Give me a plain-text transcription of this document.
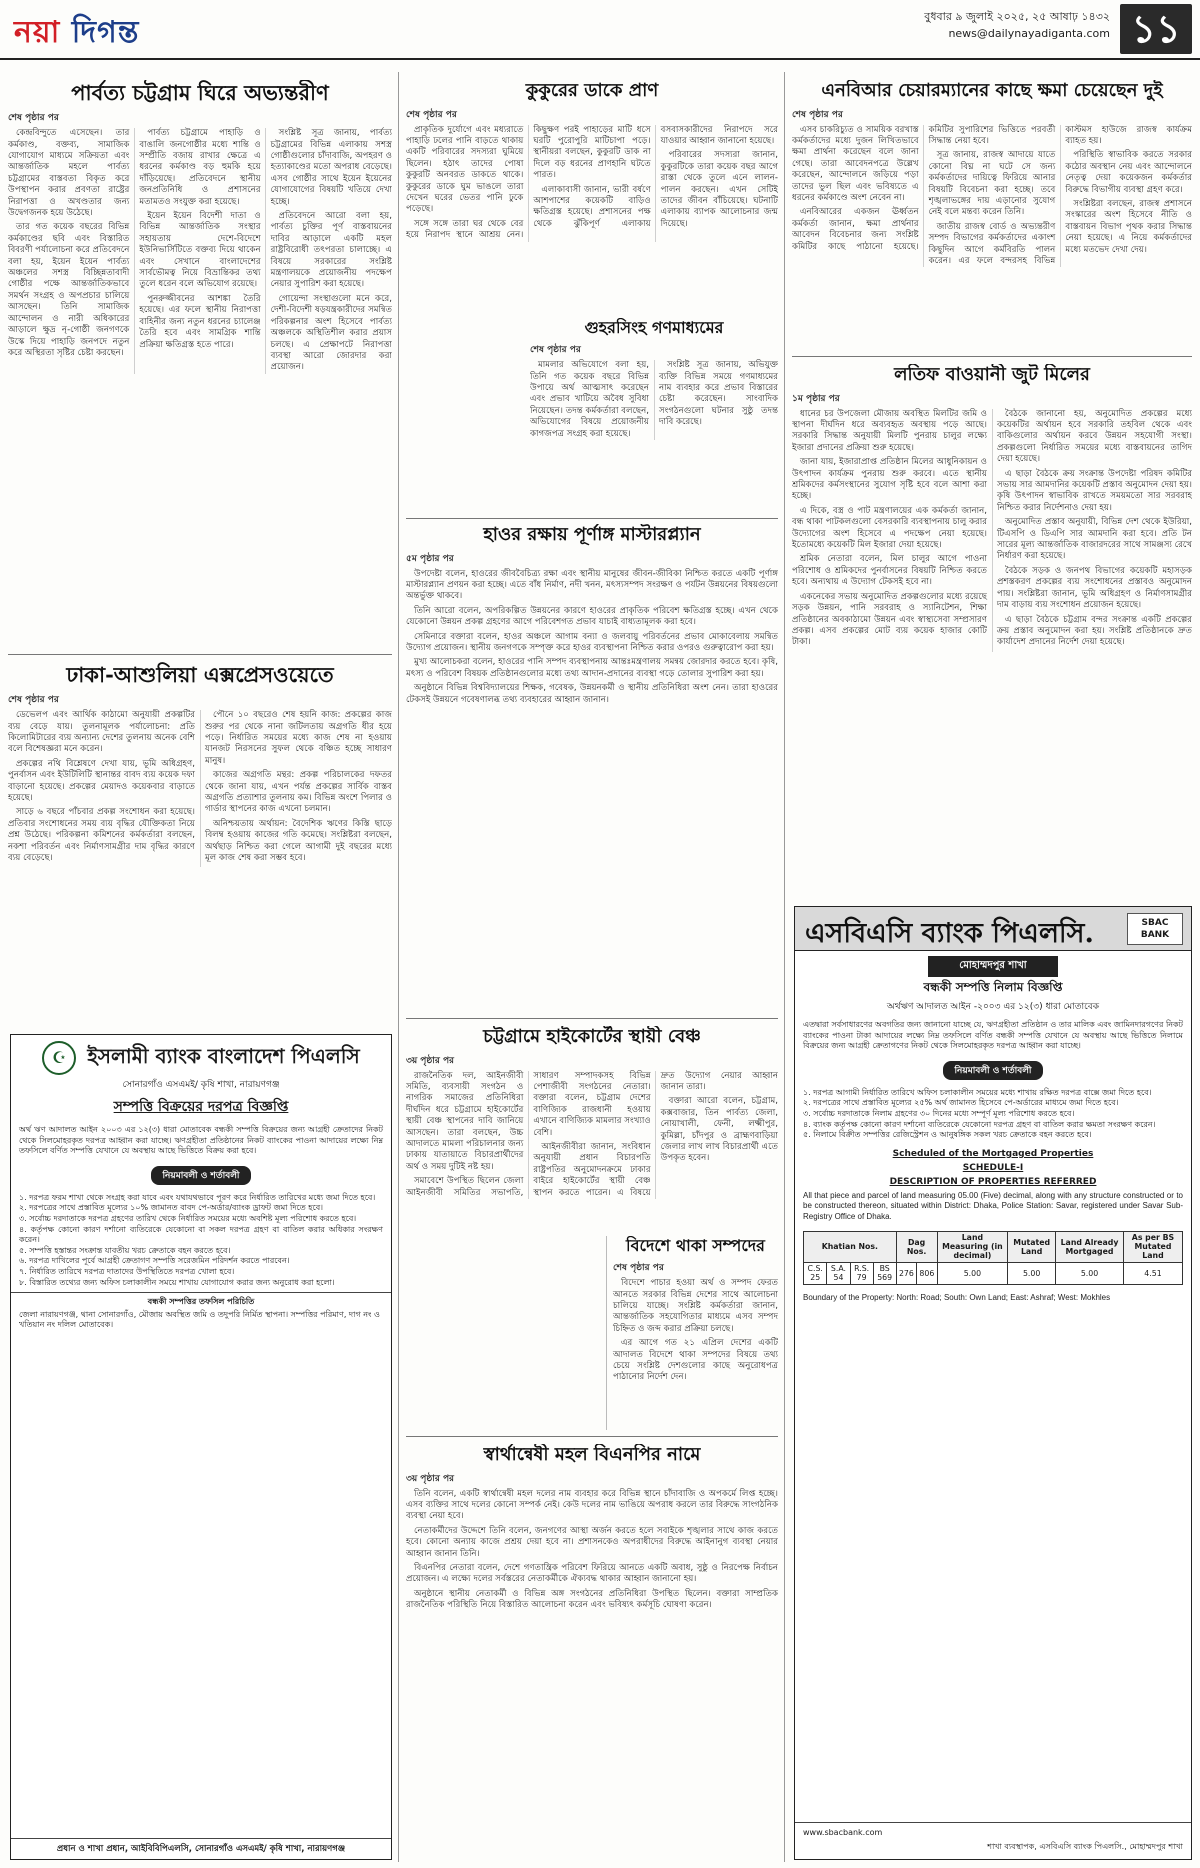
নয়া দিগন্ত	বুধবার ৯ জুলাই ২০২৫, ২৫ আষাঢ় ১৪৩২
news@dailynayadiganta.com ১১
পার্বত্য চট্টগ্রাম ঘিরে অভ্যন্তরীণ
শেষ পৃষ্ঠার পর

কেন্দ্রবিন্দুতে এসেছেন। তার কর্মকাণ্ড, বক্তব্য, সামাজিক যোগাযোগ মাধ্যমে সক্রিয়তা এবং আন্তর্জাতিক মহলে পার্বত্য চট্টগ্রামের বাস্তবতা বিকৃত করে উপস্থাপন করার প্রবণতা রাষ্ট্রের নিরাপত্তা ও অখণ্ডতার জন্য উদ্বেগজনক হয়ে উঠেছে।

তার গত কয়েক বছরের বিভিন্ন কর্মকাণ্ডের ছবি এবং বিস্তারিত বিবরণী পর্যালোচনা করে প্রতিবেদনে বলা হয়, ইয়েন ইয়েন পার্বত্য অঞ্চলের সশস্ত্র বিচ্ছিন্নতাবাদী গোষ্ঠীর পক্ষে আন্তর্জাতিকভাবে সমর্থন সংগ্রহ ও অপপ্রচার চালিয়ে আসছেন। তিনি সামাজিক আন্দোলন ও নারী অধিকারের আড়ালে ক্ষুদ্র নৃ-গোষ্ঠী জনগণকে উস্কে দিয়ে পাহাড়ি জনপদে নতুন করে অস্থিরতা সৃষ্টির চেষ্টা করছেন।

পার্বত্য চট্টগ্রামে পাহাড়ি ও বাঙালি জনগোষ্ঠীর মধ্যে শান্তি ও সম্প্রীতি বজায় রাখার ক্ষেত্রে এ ধরনের কর্মকাণ্ড বড় হুমকি হয়ে দাঁড়িয়েছে। প্রতিবেদনে স্থানীয় জনপ্রতিনিধি ও প্রশাসনের মতামতও সংযুক্ত করা হয়েছে।

ইয়েন ইয়েন বিদেশী দাতা ও বিভিন্ন আন্তর্জাতিক সংস্থার সহায়তায় দেশে-বিদেশে ইউনিভার্সিটিতে বক্তব্য দিয়ে থাকেন এবং সেখানে বাংলাদেশের সার্বভৌমত্ব নিয়ে বিভ্রান্তিকর তথ্য তুলে ধরেন বলে অভিযোগ রয়েছে।

পুনরুজ্জীবনের আশঙ্কা তৈরি হয়েছে। এর ফলে স্থানীয় নিরাপত্তা বাহিনীর জন্য নতুন ধরনের চ্যালেঞ্জ তৈরি হবে এবং সামগ্রিক শান্তি প্রক্রিয়া ক্ষতিগ্রস্ত হতে পারে।

সংশ্লিষ্ট সূত্র জানায়, পার্বত্য চট্টগ্রামের বিভিন্ন এলাকায় সশস্ত্র গোষ্ঠীগুলোর চাঁদাবাজি, অপহরণ ও হত্যাকাণ্ডের মতো অপরাধ বেড়েছে। এসব গোষ্ঠীর সাথে ইয়েন ইয়েনের যোগাযোগের বিষয়টি খতিয়ে দেখা হচ্ছে।

প্রতিবেদনে আরো বলা হয়, পার্বত্য চুক্তির পূর্ণ বাস্তবায়নের দাবির আড়ালে একটি মহল রাষ্ট্রবিরোধী তৎপরতা চালাচ্ছে। এ বিষয়ে সরকারের সংশ্লিষ্ট মন্ত্রণালয়কে প্রয়োজনীয় পদক্ষেপ নেয়ার সুপারিশ করা হয়েছে।

গোয়েন্দা সংস্থাগুলো মনে করে, দেশী-বিদেশী ষড়যন্ত্রকারীদের সমন্বিত পরিকল্পনার অংশ হিসেবে পার্বত্য অঞ্চলকে অস্থিতিশীল করার প্রয়াস চলছে। এ প্রেক্ষাপটে নিরাপত্তা ব্যবস্থা আরো জোরদার করা প্রয়োজন।

ঢাকা-আশুলিয়া এক্সপ্রেসওয়েতে
শেষ পৃষ্ঠার পর

ডেভেলপ এবং আর্থিক কাঠামো অনুযায়ী প্রকল্পটির ব্যয় বেড়ে যায়। তুলনামূলক পর্যালোচনা: প্রতি কিলোমিটারের ব্যয় অন্যান্য দেশের তুলনায় অনেক বেশি বলে বিশেষজ্ঞরা মনে করেন।

প্রকল্পের নথি বিশ্লেষণে দেখা যায়, ভূমি অধিগ্রহণ, পুনর্বাসন এবং ইউটিলিটি স্থানান্তর বাবদ ব্যয় কয়েক দফা বাড়ানো হয়েছে। প্রকল্পের মেয়াদও কয়েকবার বাড়াতে হয়েছে।

সাড়ে ৬ বছরে পাঁচবার প্রকল্প সংশোধন করা হয়েছে। প্রতিবার সংশোধনের সময় ব্যয় বৃদ্ধির যৌক্তিকতা নিয়ে প্রশ্ন উঠেছে। পরিকল্পনা কমিশনের কর্মকর্তারা বলছেন, নকশা পরিবর্তন এবং নির্মাণসামগ্রীর দাম বৃদ্ধির কারণে ব্যয় বেড়েছে।

পৌনে ১০ বছরেও শেষ হয়নি কাজ: প্রকল্পের কাজ শুরুর পর থেকে নানা জটিলতায় অগ্রগতি ধীর হয়ে পড়ে। নির্ধারিত সময়ের মধ্যে কাজ শেষ না হওয়ায় যানজট নিরসনের সুফল থেকে বঞ্চিত হচ্ছে সাধারণ মানুষ।

কাজের অগ্রগতি মন্থর: প্রকল্প পরিচালকের দফতর থেকে জানা যায়, এখন পর্যন্ত প্রকল্পের সার্বিক বাস্তব অগ্রগতি প্রত্যাশার তুলনায় কম। বিভিন্ন অংশে পিলার ও গার্ডার স্থাপনের কাজ এখনো চলমান।

অনিশ্চয়তায় অর্থায়ন: বৈদেশিক ঋণের কিস্তি ছাড়ে বিলম্ব হওয়ায় কাজের গতি কমেছে। সংশ্লিষ্টরা বলছেন, অর্থছাড় নিশ্চিত করা গেলে আগামী দুই বছরের মধ্যে মূল কাজ শেষ করা সম্ভব হবে।

☪ ইসলামী ব্যাংক বাংলাদেশ পিএলসি
সোনারগাঁও এসএমই/ কৃষি শাখা, নারায়ণগঞ্জ
সম্পত্তি বিক্রয়ের দরপত্র বিজ্ঞপ্তি
অর্থ ঋণ আদালত আইন ২০০৩ এর ১২(৩) ধারা মোতাবেক বন্ধকী সম্পত্তি বিক্রয়ের জন্য আগ্রহী ক্রেতাদের নিকট থেকে সিলমোহরকৃত দরপত্র আহ্বান করা যাচ্ছে। ঋণগ্রহীতা প্রতিষ্ঠানের নিকট ব্যাংকের পাওনা আদায়ের লক্ষ্যে নিম্ন তফসিলে বর্ণিত সম্পত্তি যেখানে যে অবস্থায় আছে ভিত্তিতে বিক্রয় করা হবে।
নিয়মাবলী ও শর্তাবলী
১. দরপত্র ফরম শাখা থেকে সংগ্রহ করা যাবে এবং যথাযথভাবে পূরণ করে নির্ধারিত তারিখের মধ্যে জমা দিতে হবে।
২. দরপত্রের সাথে প্রস্তাবিত মূল্যের ১০% জামানত বাবদ পে-অর্ডার/ব্যাংক ড্রাফট জমা দিতে হবে।
৩. সর্বোচ্চ দরদাতাকে দরপত্র গ্রহণের তারিখ থেকে নির্ধারিত সময়ের মধ্যে অবশিষ্ট মূল্য পরিশোধ করতে হবে।
৪. কর্তৃপক্ষ কোনো কারণ দর্শানো ব্যতিরেকে যেকোনো বা সকল দরপত্র গ্রহণ বা বাতিল করার অধিকার সংরক্ষণ করেন।
৫. সম্পত্তি হস্তান্তর সংক্রান্ত যাবতীয় খরচ ক্রেতাকে বহন করতে হবে।
৬. দরপত্র দাখিলের পূর্বে আগ্রহী ক্রেতাগণ সম্পত্তি সরেজমিন পরিদর্শন করতে পারবেন।
৭. নির্ধারিত তারিখে দরপত্র দাতাদের উপস্থিতিতে দরপত্র খোলা হবে।
৮. বিস্তারিত তথ্যের জন্য অফিস চলাকালীন সময়ে শাখায় যোগাযোগ করার জন্য অনুরোধ করা হলো।
বন্ধকী সম্পত্তির তফসিল পরিচিতি
জেলা নারায়ণগঞ্জ, থানা সোনারগাঁও, মৌজায় অবস্থিত জমি ও তদুপরি নির্মিত স্থাপনা। সম্পত্তির পরিমাণ, দাগ নং ও খতিয়ান নং দলিল মোতাবেক।
প্রধান ও শাখা প্রধান, আইবিবিপিএলসি, সোনারগাঁও এসএমই/ কৃষি শাখা, নারায়ণগঞ্জ
কুকুরের ডাকে প্রাণ
শেষ পৃষ্ঠার পর

প্রাকৃতিক দুর্যোগে এবং মধ্যরাতে পাহাড়ি ঢলের পানি বাড়তে থাকায় একটি পরিবারের সদস্যরা ঘুমিয়ে ছিলেন। হঠাৎ তাদের পোষা কুকুরটি অনবরত ডাকতে থাকে। কুকুরের ডাকে ঘুম ভাঙলে তারা দেখেন ঘরের ভেতর পানি ঢুকে পড়েছে।

সঙ্গে সঙ্গে তারা ঘর থেকে বের হয়ে নিরাপদ স্থানে আশ্রয় নেন। কিছুক্ষণ পরই পাহাড়ের মাটি ধসে ঘরটি পুরোপুরি মাটিচাপা পড়ে। স্থানীয়রা বলছেন, কুকুরটি ডাক না দিলে বড় ধরনের প্রাণহানি ঘটতে পারত।

এলাকাবাসী জানান, ভারী বর্ষণে আশপাশের কয়েকটি বাড়িও ক্ষতিগ্রস্ত হয়েছে। প্রশাসনের পক্ষ থেকে ঝুঁকিপূর্ণ এলাকায় বসবাসকারীদের নিরাপদে সরে যাওয়ার আহ্বান জানানো হয়েছে।

পরিবারের সদস্যরা জানান, কুকুরটিকে তারা কয়েক বছর আগে রাস্তা থেকে তুলে এনে লালন-পালন করছেন। এখন সেটিই তাদের জীবন বাঁচিয়েছে। ঘটনাটি এলাকায় ব্যাপক আলোচনার জন্ম দিয়েছে।

গুহরসিংহ গণমাধ্যমের
শেষ পৃষ্ঠার পর

মামলার অভিযোগে বলা হয়, তিনি গত কয়েক বছরে বিভিন্ন উপায়ে অর্থ আত্মসাৎ করেছেন এবং প্রভাব খাটিয়ে অবৈধ সুবিধা নিয়েছেন। তদন্ত কর্মকর্তারা বলছেন, অভিযোগের বিষয়ে প্রয়োজনীয় কাগজপত্র সংগ্রহ করা হয়েছে।

সংশ্লিষ্ট সূত্র জানায়, অভিযুক্ত ব্যক্তি বিভিন্ন সময়ে গণমাধ্যমের নাম ব্যবহার করে প্রভাব বিস্তারের চেষ্টা করেছেন। সাংবাদিক সংগঠনগুলো ঘটনার সুষ্ঠু তদন্ত দাবি করেছে।

হাওর রক্ষায় পূর্ণাঙ্গ মাস্টারপ্ল্যান
৫ম পৃষ্ঠার পর

উপদেষ্টা বলেন, হাওরের জীববৈচিত্র্য রক্ষা এবং স্থানীয় মানুষের জীবন-জীবিকা নিশ্চিত করতে একটি পূর্ণাঙ্গ মাস্টারপ্ল্যান প্রণয়ন করা হচ্ছে। এতে বাঁধ নির্মাণ, নদী খনন, মৎস্যসম্পদ সংরক্ষণ ও পর্যটন উন্নয়নের বিষয়গুলো অন্তর্ভুক্ত থাকবে।

তিনি আরো বলেন, অপরিকল্পিত উন্নয়নের কারণে হাওরের প্রাকৃতিক পরিবেশ ক্ষতিগ্রস্ত হচ্ছে। এখন থেকে যেকোনো উন্নয়ন প্রকল্প গ্রহণের আগে পরিবেশগত প্রভাব যাচাই বাধ্যতামূলক করা হবে।

সেমিনারে বক্তারা বলেন, হাওর অঞ্চলে আগাম বন্যা ও জলবায়ু পরিবর্তনের প্রভাব মোকাবেলায় সমন্বিত উদ্যোগ প্রয়োজন। স্থানীয় জনগণকে সম্পৃক্ত করে হাওর ব্যবস্থাপনা নিশ্চিত করার ওপরও গুরুত্বারোপ করা হয়।

মুখ্য আলোচকরা বলেন, হাওরের পানি সম্পদ ব্যবস্থাপনায় আন্তঃমন্ত্রণালয় সমন্বয় জোরদার করতে হবে। কৃষি, মৎস্য ও পরিবেশ বিষয়ক প্রতিষ্ঠানগুলোর মধ্যে তথ্য আদান-প্রদানের ব্যবস্থা গড়ে তোলার সুপারিশ করা হয়।

অনুষ্ঠানে বিভিন্ন বিশ্ববিদ্যালয়ের শিক্ষক, গবেষক, উন্নয়নকর্মী ও স্থানীয় প্রতিনিধিরা অংশ নেন। তারা হাওরের টেকসই উন্নয়নে গবেষণালব্ধ তথ্য ব্যবহারের আহ্বান জানান।

চট্টগ্রামে হাইকোর্টের স্থায়ী বেঞ্চ
৩য় পৃষ্ঠার পর

রাজনৈতিক দল, আইনজীবী সমিতি, ব্যবসায়ী সংগঠন ও নাগরিক সমাজের প্রতিনিধিরা দীর্ঘদিন ধরে চট্টগ্রামে হাইকোর্টের স্থায়ী বেঞ্চ স্থাপনের দাবি জানিয়ে আসছেন। তারা বলছেন, উচ্চ আদালতে মামলা পরিচালনার জন্য ঢাকায় যাতায়াতে বিচারপ্রার্থীদের অর্থ ও সময় দুটিই নষ্ট হয়।

সমাবেশে উপস্থিত ছিলেন জেলা আইনজীবী সমিতির সভাপতি, সাধারণ সম্পাদকসহ বিভিন্ন পেশাজীবী সংগঠনের নেতারা। বক্তারা বলেন, চট্টগ্রাম দেশের বাণিজ্যিক রাজধানী হওয়ায় এখানে বাণিজ্যিক মামলার সংখ্যাও বেশি।

আইনজীবীরা জানান, সংবিধান অনুযায়ী প্রধান বিচারপতি রাষ্ট্রপতির অনুমোদনক্রমে ঢাকার বাইরে হাইকোর্টের স্থায়ী বেঞ্চ স্থাপন করতে পারেন। এ বিষয়ে দ্রুত উদ্যোগ নেয়ার আহ্বান জানান তারা।

বক্তারা আরো বলেন, চট্টগ্রাম, কক্সবাজার, তিন পার্বত্য জেলা, নোয়াখালী, ফেনী, লক্ষ্মীপুর, কুমিল্লা, চাঁদপুর ও ব্রাহ্মণবাড়িয়া জেলার লাখ লাখ বিচারপ্রার্থী এতে উপকৃত হবেন।

বিদেশে থাকা সম্পদের
শেষ পৃষ্ঠার পর

বিদেশে পাচার হওয়া অর্থ ও সম্পদ ফেরত আনতে সরকার বিভিন্ন দেশের সাথে আলোচনা চালিয়ে যাচ্ছে। সংশ্লিষ্ট কর্মকর্তারা জানান, আন্তর্জাতিক সহযোগিতার মাধ্যমে এসব সম্পদ চিহ্নিত ও জব্দ করার প্রক্রিয়া চলছে।

এর আগে গত ২১ এপ্রিল দেশের একটি আদালত বিদেশে থাকা সম্পদের বিষয়ে তথ্য চেয়ে সংশ্লিষ্ট দেশগুলোর কাছে অনুরোধপত্র পাঠানোর নির্দেশ দেন।

স্বার্থান্বেষী মহল বিএনপির নামে
৩য় পৃষ্ঠার পর

তিনি বলেন, একটি স্বার্থান্বেষী মহল দলের নাম ব্যবহার করে বিভিন্ন স্থানে চাঁদাবাজি ও অপকর্মে লিপ্ত হচ্ছে। এসব ব্যক্তির সাথে দলের কোনো সম্পর্ক নেই। কেউ দলের নাম ভাঙিয়ে অপরাধ করলে তার বিরুদ্ধে সাংগঠনিক ব্যবস্থা নেয়া হবে।

নেতাকর্মীদের উদ্দেশে তিনি বলেন, জনগণের আস্থা অর্জন করতে হলে সবাইকে শৃঙ্খলার সাথে কাজ করতে হবে। কোনো অন্যায় কাজে প্রশ্রয় দেয়া হবে না। প্রশাসনকেও অপরাধীদের বিরুদ্ধে আইনানুগ ব্যবস্থা নেয়ার আহ্বান জানান তিনি।

বিএনপির নেতারা বলেন, দেশে গণতান্ত্রিক পরিবেশ ফিরিয়ে আনতে একটি অবাধ, সুষ্ঠু ও নিরপেক্ষ নির্বাচন প্রয়োজন। এ লক্ষ্যে দলের সর্বস্তরের নেতাকর্মীকে ঐক্যবদ্ধ থাকার আহ্বান জানানো হয়।

অনুষ্ঠানে স্থানীয় নেতাকর্মী ও বিভিন্ন অঙ্গ সংগঠনের প্রতিনিধিরা উপস্থিত ছিলেন। বক্তারা সাম্প্রতিক রাজনৈতিক পরিস্থিতি নিয়ে বিস্তারিত আলোচনা করেন এবং ভবিষ্যৎ কর্মসূচি ঘোষণা করেন।

এনবিআর চেয়ারম্যানের কাছে ক্ষমা চেয়েছেন দুই
শেষ পৃষ্ঠার পর

এসব চাকরিচ্যুত ও সাময়িক বরখাস্ত কর্মকর্তাদের মধ্যে দুজন লিখিতভাবে ক্ষমা প্রার্থনা করেছেন বলে জানা গেছে। তারা আবেদনপত্রে উল্লেখ করেছেন, আন্দোলনে জড়িয়ে পড়া তাদের ভুল ছিল এবং ভবিষ্যতে এ ধরনের কর্মকাণ্ডে অংশ নেবেন না।

এনবিআরের একজন ঊর্ধ্বতন কর্মকর্তা জানান, ক্ষমা প্রার্থনার আবেদন বিবেচনার জন্য সংশ্লিষ্ট কমিটির কাছে পাঠানো হয়েছে। কমিটির সুপারিশের ভিত্তিতে পরবর্তী সিদ্ধান্ত নেয়া হবে।

সূত্র জানায়, রাজস্ব আদায়ে যাতে কোনো বিঘ্ন না ঘটে সে জন্য কর্মকর্তাদের দায়িত্বে ফিরিয়ে আনার বিষয়টি বিবেচনা করা হচ্ছে। তবে শৃঙ্খলাভঙ্গের দায় এড়ানোর সুযোগ নেই বলে মন্তব্য করেন তিনি।

জাতীয় রাজস্ব বোর্ড ও অভ্যন্তরীণ সম্পদ বিভাগের কর্মকর্তাদের একাংশ কিছুদিন আগে কর্মবিরতি পালন করেন। এর ফলে বন্দরসহ বিভিন্ন কাস্টমস হাউজে রাজস্ব কার্যক্রম ব্যাহত হয়।

পরিস্থিতি স্বাভাবিক করতে সরকার কঠোর অবস্থান নেয় এবং আন্দোলনে নেতৃত্ব দেয়া কয়েকজন কর্মকর্তার বিরুদ্ধে বিভাগীয় ব্যবস্থা গ্রহণ করে।

সংশ্লিষ্টরা বলছেন, রাজস্ব প্রশাসনে সংস্কারের অংশ হিসেবে নীতি ও বাস্তবায়ন বিভাগ পৃথক করার সিদ্ধান্ত নেয়া হয়েছে। এ নিয়ে কর্মকর্তাদের মধ্যে মতভেদ দেখা দেয়।

লতিফ বাওয়ানী জুট মিলের
১ম পৃষ্ঠার পর

ধানের চর উপজেলা মৌজায় অবস্থিত মিলটির জমি ও স্থাপনা দীর্ঘদিন ধরে অব্যবহৃত অবস্থায় পড়ে আছে। সরকারি সিদ্ধান্ত অনুযায়ী মিলটি পুনরায় চালুর লক্ষ্যে ইজারা প্রদানের প্রক্রিয়া শুরু হয়েছে।

জানা যায়, ইজারাপ্রাপ্ত প্রতিষ্ঠান মিলের আধুনিকায়ন ও উৎপাদন কার্যক্রম পুনরায় শুরু করবে। এতে স্থানীয় শ্রমিকদের কর্মসংস্থানের সুযোগ সৃষ্টি হবে বলে আশা করা হচ্ছে।

এ দিকে, বস্ত্র ও পাট মন্ত্রণালয়ের এক কর্মকর্তা জানান, বন্ধ থাকা পাটকলগুলো বেসরকারি ব্যবস্থাপনায় চালু করার উদ্যোগের অংশ হিসেবে এ পদক্ষেপ নেয়া হয়েছে। ইতোমধ্যে কয়েকটি মিল ইজারা দেয়া হয়েছে।

শ্রমিক নেতারা বলেন, মিল চালুর আগে পাওনা পরিশোধ ও শ্রমিকদের পুনর্বাসনের বিষয়টি নিশ্চিত করতে হবে। অন্যথায় এ উদ্যোগ টেকসই হবে না।

একনেকের সভায় অনুমোদিত প্রকল্পগুলোর মধ্যে রয়েছে সড়ক উন্নয়ন, পানি সরবরাহ ও স্যানিটেশন, শিক্ষা প্রতিষ্ঠানের অবকাঠামো উন্নয়ন এবং স্বাস্থ্যসেবা সম্প্রসারণ প্রকল্প। এসব প্রকল্পের মোট ব্যয় কয়েক হাজার কোটি টাকা।

বৈঠকে জানানো হয়, অনুমোদিত প্রকল্পের মধ্যে কয়েকটির অর্থায়ন হবে সরকারি তহবিল থেকে এবং বাকিগুলোর অর্থায়ন করবে উন্নয়ন সহযোগী সংস্থা। প্রকল্পগুলো নির্ধারিত সময়ের মধ্যে বাস্তবায়নের তাগিদ দেয়া হয়েছে।

এ ছাড়া বৈঠকে ক্রয় সংক্রান্ত উপদেষ্টা পরিষদ কমিটির সভায় সার আমদানির কয়েকটি প্রস্তাব অনুমোদন দেয়া হয়। কৃষি উৎপাদন স্বাভাবিক রাখতে সময়মতো সার সরবরাহ নিশ্চিত করার নির্দেশনাও দেয়া হয়।

অনুমোদিত প্রস্তাব অনুযায়ী, বিভিন্ন দেশ থেকে ইউরিয়া, টিএসপি ও ডিএপি সার আমদানি করা হবে। প্রতি টন সারের মূল্য আন্তর্জাতিক বাজারদরের সাথে সামঞ্জস্য রেখে নির্ধারণ করা হয়েছে।

বৈঠকে সড়ক ও জনপথ বিভাগের কয়েকটি মহাসড়ক প্রশস্তকরণ প্রকল্পের ব্যয় সংশোধনের প্রস্তাবও অনুমোদন পায়। সংশ্লিষ্টরা জানান, ভূমি অধিগ্রহণ ও নির্মাণসামগ্রীর দাম বাড়ায় ব্যয় সংশোধন প্রয়োজন হয়েছে।

এ ছাড়া বৈঠকে চট্টগ্রাম বন্দর সংক্রান্ত একটি প্রকল্পের ক্রয় প্রস্তাব অনুমোদন করা হয়। সংশ্লিষ্ট প্রতিষ্ঠানকে দ্রুত কার্যাদেশ প্রদানের নির্দেশ দেয়া হয়েছে।

এসবিএসি ব্যাংক পিএলসি.	SBAC BANK
মোহাম্মদপুর শাখা
বন্ধকী সম্পত্তি নিলাম বিজ্ঞপ্তি
অর্থঋণ আদালত আইন -২০০৩ এর ১২(৩) ধারা মোতাবেক
এতদ্বারা সর্বসাধারণের অবগতির জন্য জানানো যাচ্ছে যে, ঋণগ্রহীতা প্রতিষ্ঠান ও তার মালিক এবং জামিনদারগণের নিকট ব্যাংকের পাওনা টাকা আদায়ের লক্ষ্যে নিম্ন তফসিলে বর্ণিত বন্ধকী সম্পত্তি যেখানে যে অবস্থায় আছে ভিত্তিতে নিলামে বিক্রয়ের জন্য আগ্রহী ক্রেতাগণের নিকট থেকে সিলমোহরকৃত দরপত্র আহ্বান করা যাচ্ছে।
নিয়মাবলী ও শর্তাবলী
১. দরপত্র আগামী নির্ধারিত তারিখে অফিস চলাকালীন সময়ের মধ্যে শাখায় রক্ষিত দরপত্র বাক্সে জমা দিতে হবে।
২. দরপত্রের সাথে প্রস্তাবিত মূল্যের ২৫% অর্থ জামানত হিসেবে পে-অর্ডারের মাধ্যমে জমা দিতে হবে।
৩. সর্বোচ্চ দরদাতাকে নিলাম গ্রহণের ৩০ দিনের মধ্যে সম্পূর্ণ মূল্য পরিশোধ করতে হবে।
৪. ব্যাংক কর্তৃপক্ষ কোনো কারণ দর্শানো ব্যতিরেকে যেকোনো দরপত্র গ্রহণ বা বাতিল করার ক্ষমতা সংরক্ষণ করেন।
৫. নিলামে বিক্রীত সম্পত্তির রেজিস্ট্রেশন ও আনুষঙ্গিক সকল খরচ ক্রেতাকে বহন করতে হবে।
Scheduled of the Mortgaged Properties
SCHEDULE-I
DESCRIPTION OF PROPERTIES REFERRED
All that piece and parcel of land measuring 05.00 (Five) decimal, along with any structure constructed or to be constructed thereon, situated within District: Dhaka, Police Station: Savar, registered under Savar Sub-Registry Office of Dhaka.
Khatian Nos.				Dag Nos.		Land Measuring (in decimal)	Mutated Land	Land Already Mortgaged	As per BS Mutated Land
C.S. 25	S.A. 54	R.S. 79	BS 569	276	806	5.00	5.00	5.00	4.51
Boundary of the Property: North: Road; South: Own Land; East: Ashraf; West: Mokhles
www.sbacbank.com
শাখা ব্যবস্থাপক, এসবিএসি ব্যাংক পিএলসি., মোহাম্মদপুর শাখা
